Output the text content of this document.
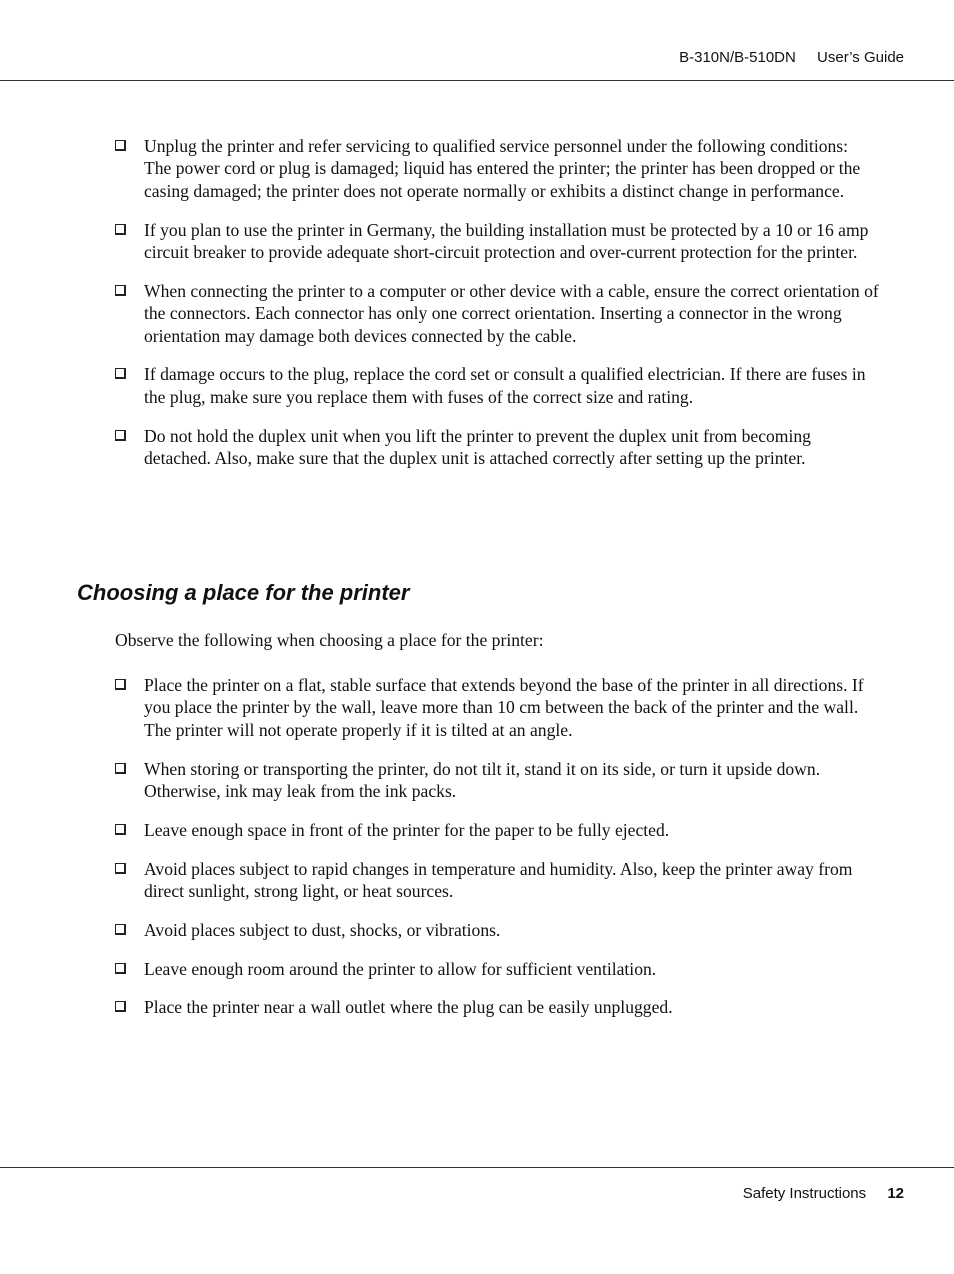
B-310N/B-510DN User’s Guide
Unplug the printer and refer servicing to qualified service personnel under the following conditions:
The power cord or plug is damaged; liquid has entered the printer; the printer has been dropped or the casing damaged; the printer does not operate normally or exhibits a distinct change in performance.
If you plan to use the printer in Germany, the building installation must be protected by a 10 or 16 amp circuit breaker to provide adequate short-circuit protection and over-current protection for the printer.
When connecting the printer to a computer or other device with a cable, ensure the correct orientation of the connectors. Each connector has only one correct orientation. Inserting a connector in the wrong orientation may damage both devices connected by the cable.
If damage occurs to the plug, replace the cord set or consult a qualified electrician. If there are fuses in the plug, make sure you replace them with fuses of the correct size and rating.
Do not hold the duplex unit when you lift the printer to prevent the duplex unit from becoming detached. Also, make sure that the duplex unit is attached correctly after setting up the printer.
Choosing a place for the printer

Observe the following when choosing a place for the printer:

Place the printer on a flat, stable surface that extends beyond the base of the printer in all directions. If you place the printer by the wall, leave more than 10 cm between the back of the printer and the wall. The printer will not operate properly if it is tilted at an angle.
When storing or transporting the printer, do not tilt it, stand it on its side, or turn it upside down. Otherwise, ink may leak from the ink packs.
Leave enough space in front of the printer for the paper to be fully ejected.
Avoid places subject to rapid changes in temperature and humidity. Also, keep the printer away from direct sunlight, strong light, or heat sources.
Avoid places subject to dust, shocks, or vibrations.
Leave enough room around the printer to allow for sufficient ventilation.
Place the printer near a wall outlet where the plug can be easily unplugged.
Safety Instructions 12
